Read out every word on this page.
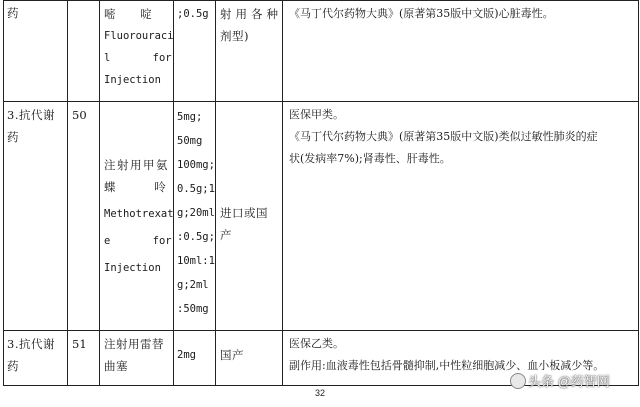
药	嘧 啶
Fluorouraci
l for
Injection
;0.5g 射用各种
剂型)
《马丁代尔药物大典》(原著第35版中文版)心脏毒性。
3.抗代谢
药
50
注射用甲氨
蝶 呤
Methotrexat
e for
Injection
5mg;
50mg
100mg;
0.5g;1
g;20ml
:0.5g;
10ml:1
g;2ml
:50mg
进口或国
产
医保甲类。
《马丁代尔药物大典》(原著第35版中文版)类似过敏性肺炎的症
状(发病率7%);肾毒性、肝毒性。
3.抗代谢
药
51 注射用雷替
曲塞
2mg 国产
医保乙类。
副作用:血液毒性包括骨髓抑制,中性粒细胞减少、血小板减少等。
32
头条 @药智网
